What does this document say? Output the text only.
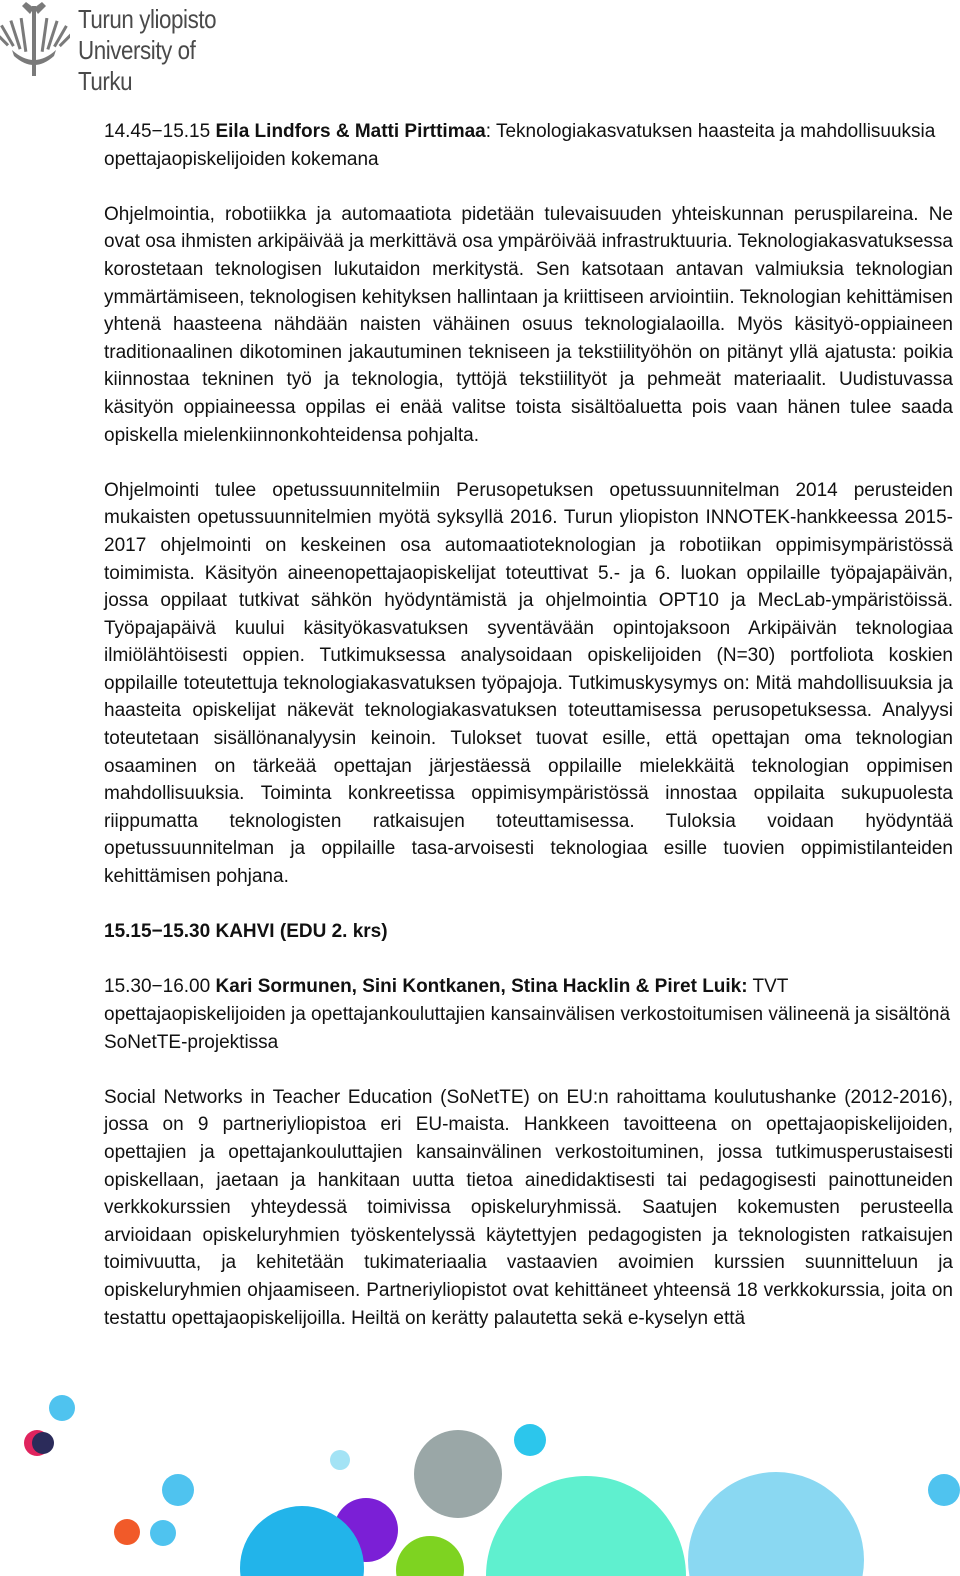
Turun yliopisto
University of Turku

14.45−15.15 Eila Lindfors & Matti Pirttimaa: Teknologiakasvatuksen haasteita ja mahdollisuuksia opettajaopiskelijoiden kokemana

Ohjelmointia, robotiikka ja automaatiota pidetään tulevaisuuden yhteiskunnan peruspilareina. Ne ovat osa ihmisten arkipäivää ja merkittävä osa ympäröivää infrastruktuuria. Teknologiakasvatuksessa korostetaan teknologisen lukutaidon merkitystä. Sen katsotaan antavan valmiuksia teknologian ymmärtämiseen, teknologisen kehityksen hallintaan ja kriittiseen arviointiin. Teknologian kehittämisen yhtenä haasteena nähdään naisten vähäinen osuus teknologialaoilla. Myös käsityö-oppiaineen traditionaalinen dikotominen jakautuminen tekniseen ja tekstiilityöhön on pitänyt yllä ajatusta: poikia kiinnostaa tekninen työ ja teknologia, tyttöjä tekstiilityöt ja pehmeät materiaalit. Uudistuvassa käsityön oppiaineessa oppilas ei enää valitse toista sisältöaluetta pois vaan hänen tulee saada opiskella mielenkiinnonkohteidensa pohjalta.

Ohjelmointi tulee opetussuunnitelmiin Perusopetuksen opetussuunnitelman 2014 perusteiden mukaisten opetussuunnitelmien myötä syksyllä 2016. Turun yliopiston INNOTEK-hankkeessa 2015-2017 ohjelmointi on keskeinen osa automaatioteknologian ja robotiikan oppimisympäristössä toimimista. Käsityön aineenopettajaopiskelijat toteuttivat 5.- ja 6. luokan oppilaille työpajapäivän, jossa oppilaat tutkivat sähkön hyödyntämistä ja ohjelmointia OPT10 ja MecLab-ympäristöissä. Työpajapäivä kuului käsityökasvatuksen syventävään opintojaksoon Arkipäivän teknologiaa ilmiölähtöisesti oppien. Tutkimuksessa analysoidaan opiskelijoiden (N=30) portfoliota koskien oppilaille toteutettuja teknologiakasvatuksen työpajoja. Tutkimuskysymys on: Mitä mahdollisuuksia ja haasteita opiskelijat näkevät teknologiakasvatuksen toteuttamisessa perusopetuksessa. Analyysi toteutetaan sisällönanalyysin keinoin. Tulokset tuovat esille, että opettajan oma teknologian osaaminen on tärkeää opettajan järjestäessä oppilaille mielekkäitä teknologian oppimisen mahdollisuuksia. Toiminta konkreetissa oppimisympäristössä innostaa oppilaita sukupuolesta riippumatta teknologisten ratkaisujen toteuttamisessa. Tuloksia voidaan hyödyntää opetussuunnitelman ja oppilaille tasa-arvoisesti teknologiaa esille tuovien oppimistilanteiden kehittämisen pohjana.

15.15−15.30 KAHVI (EDU 2. krs)

15.30−16.00 Kari Sormunen, Sini Kontkanen, Stina Hacklin & Piret Luik: TVT opettajaopiskelijoiden ja opettajankouluttajien kansainvälisen verkostoitumisen välineenä ja sisältönä SoNetTE-projektissa

Social Networks in Teacher Education (SoNetTE) on EU:n rahoittama koulutushanke (2012-2016), jossa on 9 partneriyliopistoa eri EU-maista. Hankkeen tavoitteena on opettajaopiskelijoiden, opettajien ja opettajankouluttajien kansainvälinen verkostoituminen, jossa tutkimusperustaisesti opiskellaan, jaetaan ja hankitaan uutta tietoa ainedidaktisesti tai pedagogisesti painottuneiden verkkokurssien yhteydessä toimivissa opiskeluryhmissä. Saatujen kokemusten perusteella arvioidaan opiskeluryhmien työskentelyssä käytettyjen pedagogisten ja teknologisten ratkaisujen toimivuutta, ja kehitetään tukimateriaalia vastaavien avoimien kurssien suunnitteluun ja opiskeluryhmien ohjaamiseen. Partneriyliopistot ovat kehittäneet yhteensä 18 verkkokurssia, joita on testattu opettajaopiskelijoilla. Heiltä on kerätty palautetta sekä e-kyselyn että
